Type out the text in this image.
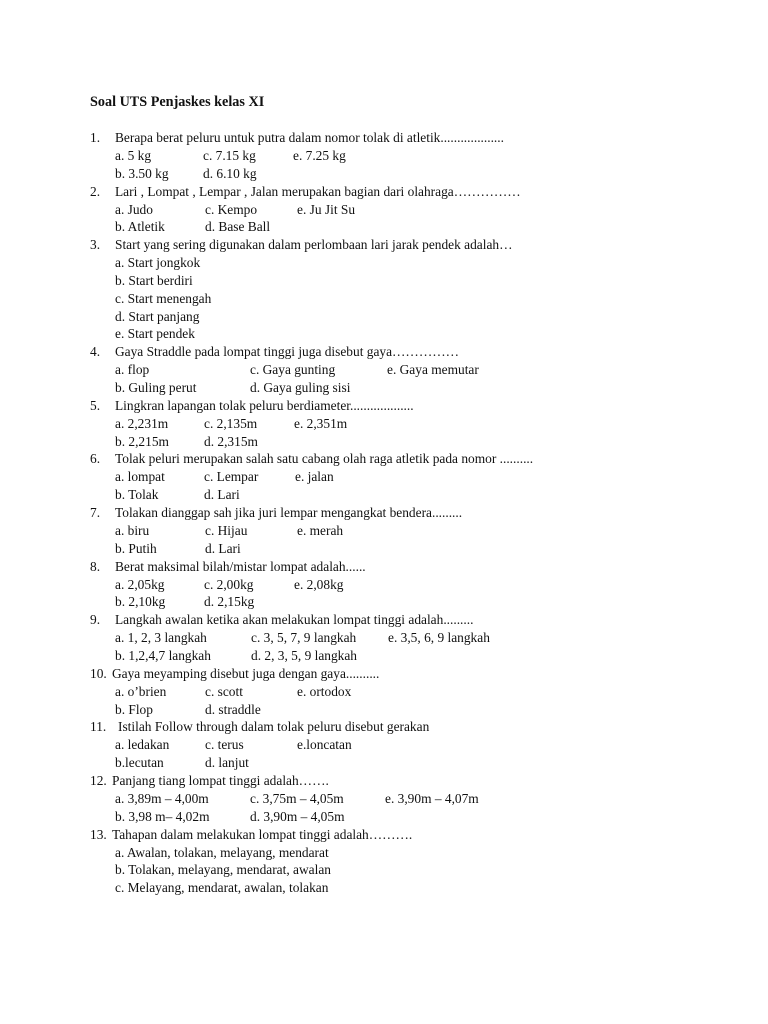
Soal UTS Penjaskes kelas XI
1. Berapa berat peluru untuk putra dalam nomor tolak di atletik...................
a. 5 kg	c. 7.15 kg	e. 7.25 kg
b. 3.50 kg	d. 6.10 kg
2. Lari , Lompat , Lempar , Jalan merupakan bagian dari olahraga……………
a. Judo	c. Kempo	e. Ju Jit Su
b. Atletik	d. Base Ball
3. Start yang sering digunakan dalam perlombaan lari jarak pendek adalah…
a. Start jongkok
b. Start berdiri
c. Start menengah
d. Start panjang
e. Start pendek
4. Gaya Straddle pada lompat tinggi juga disebut gaya……………
a. flop	c. Gaya gunting	e. Gaya memutar
b. Guling perut	d. Gaya guling sisi
5. Lingkran lapangan tolak peluru berdiameter...................
a. 2,231m	c. 2,135m	e. 2,351m
b. 2,215m	d. 2,315m
6. Tolak peluri merupakan salah satu cabang olah raga atletik pada nomor ..........
a. lompat	c. Lempar	e. jalan
b. Tolak	d. Lari
7. Tolakan dianggap sah jika juri lempar mengangkat bendera.........
a. biru	c. Hijau	e. merah
b. Putih	d. Lari
8. Berat maksimal bilah/mistar lompat adalah......
a. 2,05kg	c. 2,00kg	e. 2,08kg
b. 2,10kg	d. 2,15kg
9. Langkah awalan ketika akan melakukan lompat tinggi adalah.........
a. 1, 2, 3 langkah	c. 3, 5, 7, 9 langkah e. 3,5, 6, 9 langkah
b. 1,2,4,7 langkah	d. 2, 3, 5, 9 langkah
10. Gaya meyamping disebut juga dengan gaya..........
a. o’brien	c. scott	e. ortodox
b. Flop	d. straddle
11. Istilah Follow through dalam tolak peluru disebut gerakan
a. ledakan	c. terus	e.loncatan
b.lecutan	d. lanjut
12. Panjang tiang lompat tinggi adalah…….
a. 3,89m – 4,00m	c. 3,75m – 4,05m	e. 3,90m – 4,07m
b. 3,98 m– 4,02m	d. 3,90m – 4,05m
13. Tahapan dalam melakukan lompat tinggi adalah……….
a. Awalan, tolakan, melayang, mendarat
b. Tolakan, melayang, mendarat, awalan
c. Melayang, mendarat, awalan, tolakan
